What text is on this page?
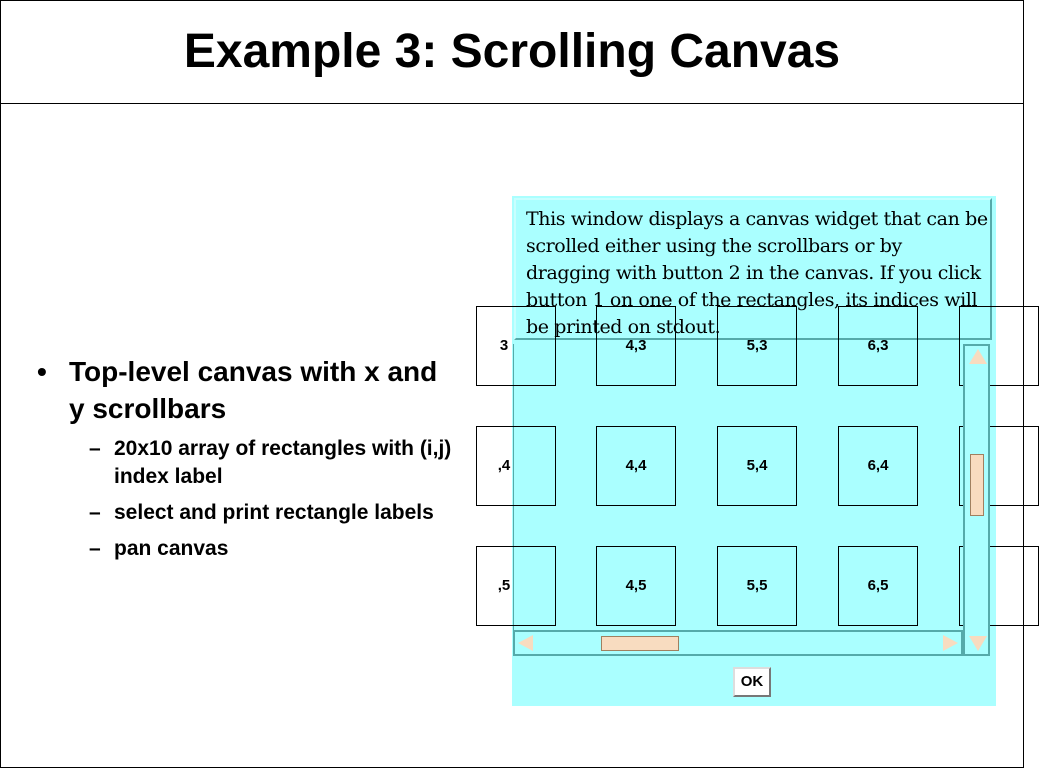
Example 3: Scrolling Canvas
• Top-level canvas with x and y scrollbars
– 20x10 array of rectangles with (i,j) index label
– select and print rectangle labels
– pan canvas
This window displays a canvas widget that can be scrolled either using the scrollbars or by dragging with button 2 in the canvas. If you click button 1 on one of the rectangles, its indices will be printed on stdout.
3	4,3	5,3	6,3
,4	4,4	5,4	6,4
,5	4,5	5,5	6,5
OK
